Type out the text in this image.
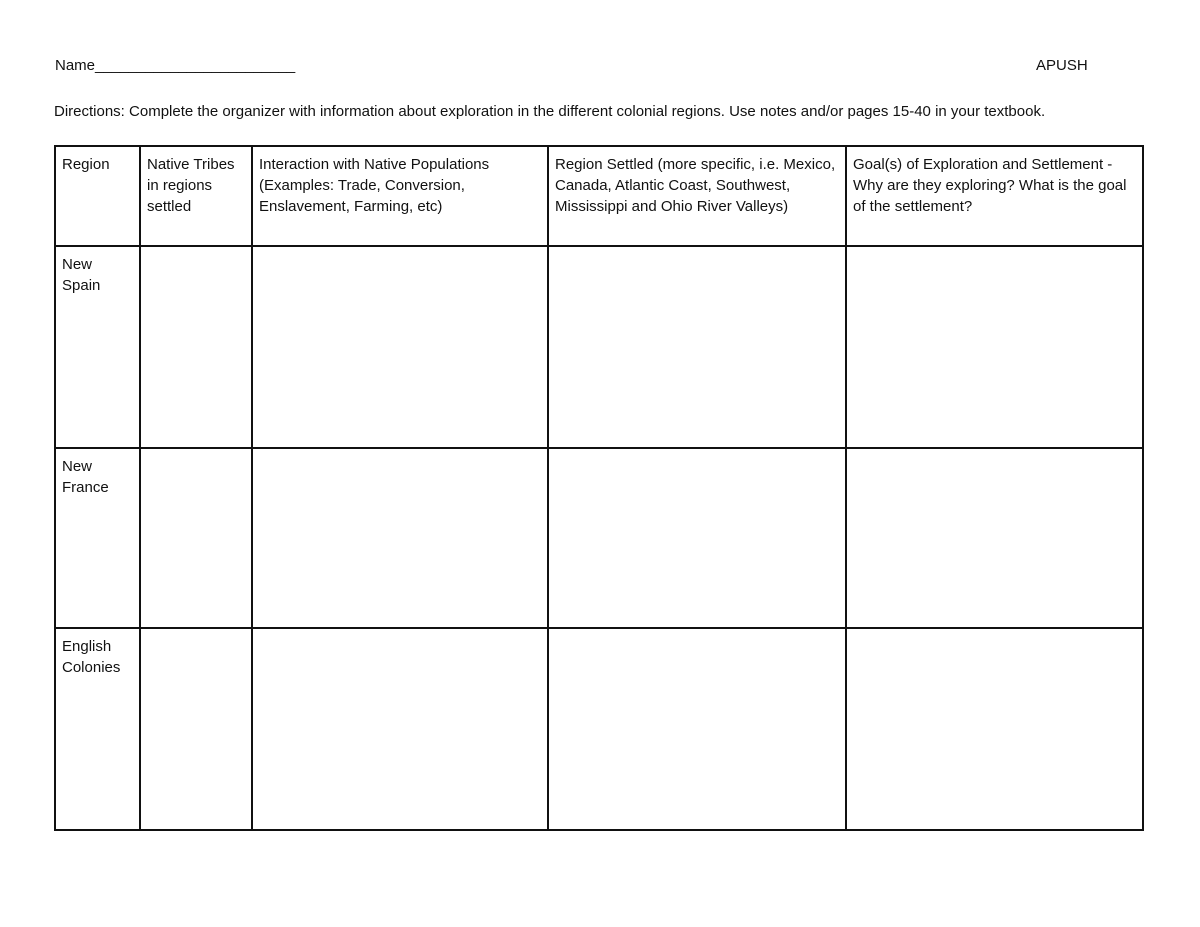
Name________________________	APUSH
Directions: Complete the organizer with information about exploration in the different colonial regions. Use notes and/or pages 15-40 in your textbook.
Region	Native Tribes in regions settled	Interaction with Native Populations (Examples: Trade, Conversion, Enslavement, Farming, etc)	Region Settled (more specific, i.e. Mexico, Canada, Atlantic Coast, Southwest, Mississippi and Ohio River Valleys)	Goal(s) of Exploration and Settlement -Why are they exploring? What is the goal of the settlement?
New Spain				
New France				
English Colonies				
